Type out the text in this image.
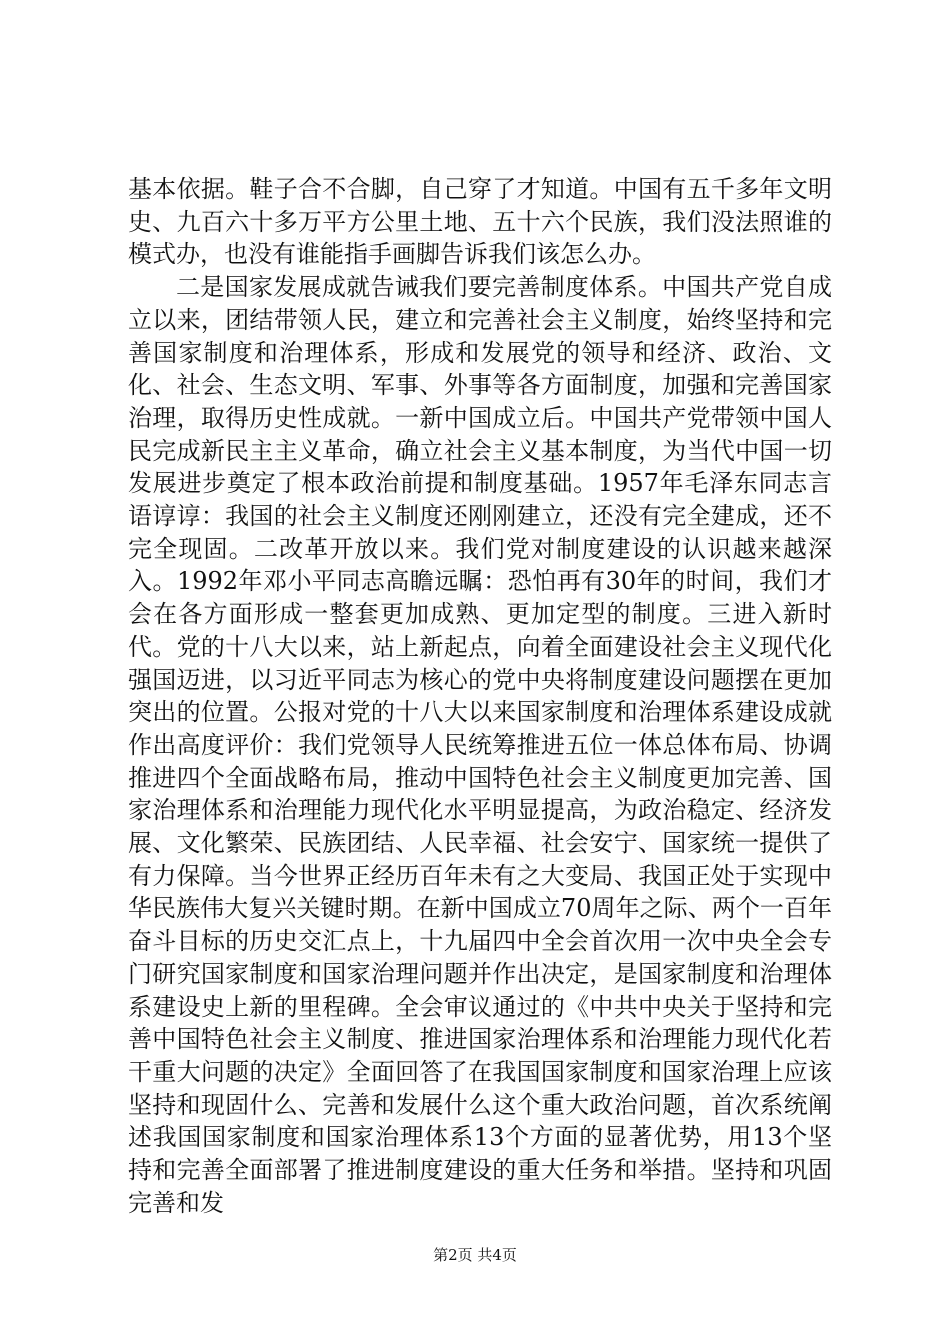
基本依据。鞋子合不合脚，自己穿了才知道。中国有五千多年文明史、九百六十多万平方公里土地、五十六个民族，我们没法照谁的模式办，也没有谁能指手画脚告诉我们该怎么办。

二是国家发展成就告诫我们要完善制度体系。中国共产党自成立以来，团结带领人民，建立和完善社会主义制度，始终坚持和完善国家制度和治理体系，形成和发展党的领导和经济、政治、文化、社会、生态文明、军事、外事等各方面制度，加强和完善国家治理，取得历史性成就。一新中国成立后。中国共产党带领中国人民完成新民主主义革命，确立社会主义基本制度，为当代中国一切发展进步奠定了根本政治前提和制度基础。1957年毛泽东同志言语谆谆：我国的社会主义制度还刚刚建立，还没有完全建成，还不完全现固。二改革开放以来。我们党对制度建设的认识越来越深入。1992年邓小平同志高瞻远瞩：恐怕再有30年的时间，我们才会在各方面形成一整套更加成熟、更加定型的制度。三进入新时代。党的十八大以来，站上新起点，向着全面建设社会主义现代化强国迈进，以习近平同志为核心的党中央将制度建设问题摆在更加突出的位置。公报对党的十八大以来国家制度和治理体系建设成就作出高度评价：我们党领导人民统筹推进五位一体总体布局、协调推进四个全面战略布局，推动中国特色社会主义制度更加完善、国家治理体系和治理能力现代化水平明显提高，为政治稳定、经济发展、文化繁荣、民族团结、人民幸福、社会安宁、国家统一提供了有力保障。当今世界正经历百年未有之大变局、我国正处于实现中华民族伟大复兴关键时期。在新中国成立70周年之际、两个一百年奋斗目标的历史交汇点上，十九届四中全会首次用一次中央全会专门研究国家制度和国家治理问题并作出决定，是国家制度和治理体系建设史上新的里程碑。全会审议通过的《中共中央关于坚持和完善中国特色社会主义制度、推进国家治理体系和治理能力现代化若干重大问题的决定》全面回答了在我国国家制度和国家治理上应该坚持和现固什么、完善和发展什么这个重大政治问题，首次系统阐述我国国家制度和国家治理体系13个方面的显著优势，用13个坚持和完善全面部署了推进制度建设的重大任务和举措。坚持和巩固完善和发

第2页 共4页
